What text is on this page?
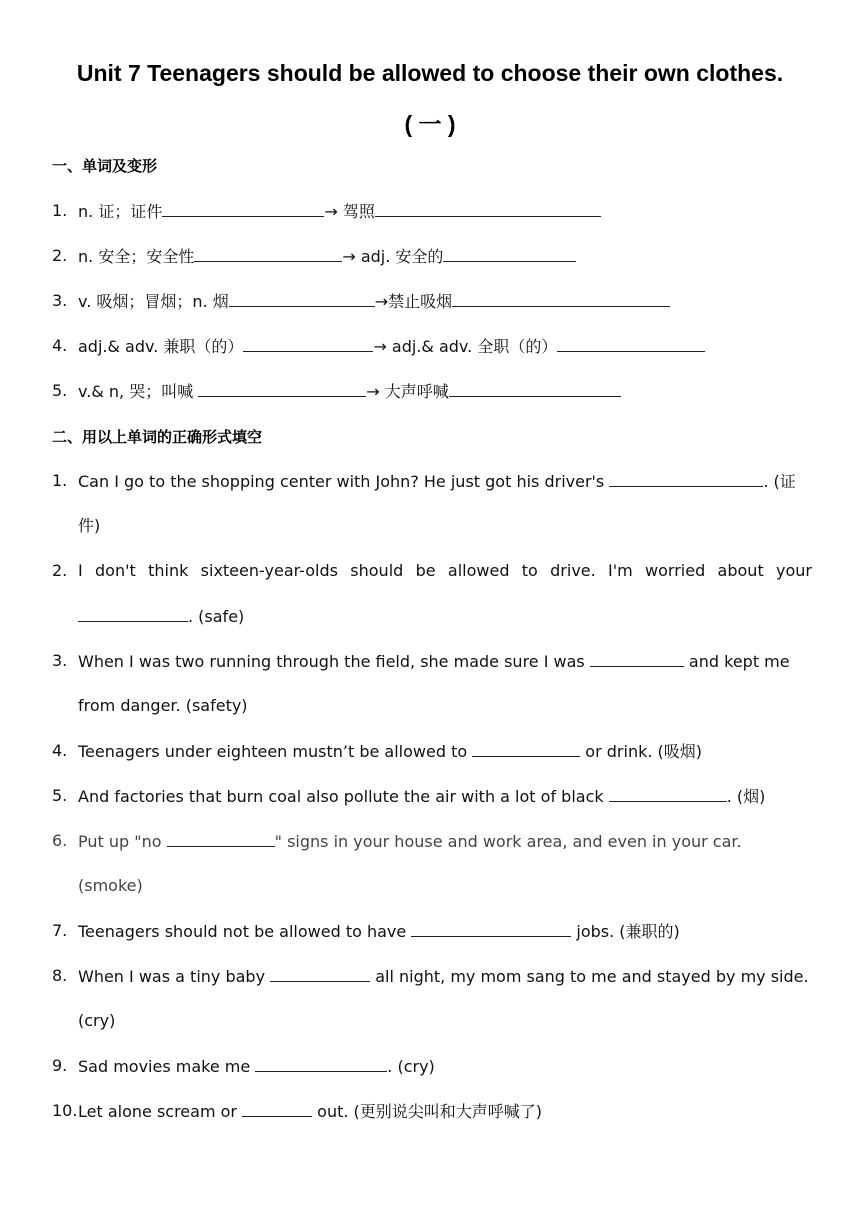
Unit 7 Teenagers should be allowed to choose their own clothes.
( 一 )
一、单词及变形
1. n. 证；证件	→ 驾照
2. n. 安全；安全性	→ adj. 安全的
3. v. 吸烟；冒烟；n. 烟	→禁止吸烟
4. adj.& adv. 兼职（的）	→ adj.& adv. 全职（的）
5. v.& n, 哭；叫喊	→ 大声呼喊
二、用以上单词的正确形式填空
1. Can I go to the shopping center with John? He just got his driver's	. (证
件)
2. I don't think sixteen-year-olds should be allowed to drive. I'm worried about your
. (safe)
3. When I was two running through the field, she made sure I was	and kept me
from danger. (safety)
4. Teenagers under eighteen mustn’t be allowed to	or drink. (吸烟)
5. And factories that burn coal also pollute the air with a lot of black	. (烟)
6. Put up "no	" signs in your house and work area, and even in your car.
(smoke)
7. Teenagers should not be allowed to have	jobs. (兼职的)
8. When I was a tiny baby	all night, my mom sang to me and stayed by my side.
(cry)
9. Sad movies make me	. (cry)
10. Let alone scream or	out. (更别说尖叫和大声呼喊了)
